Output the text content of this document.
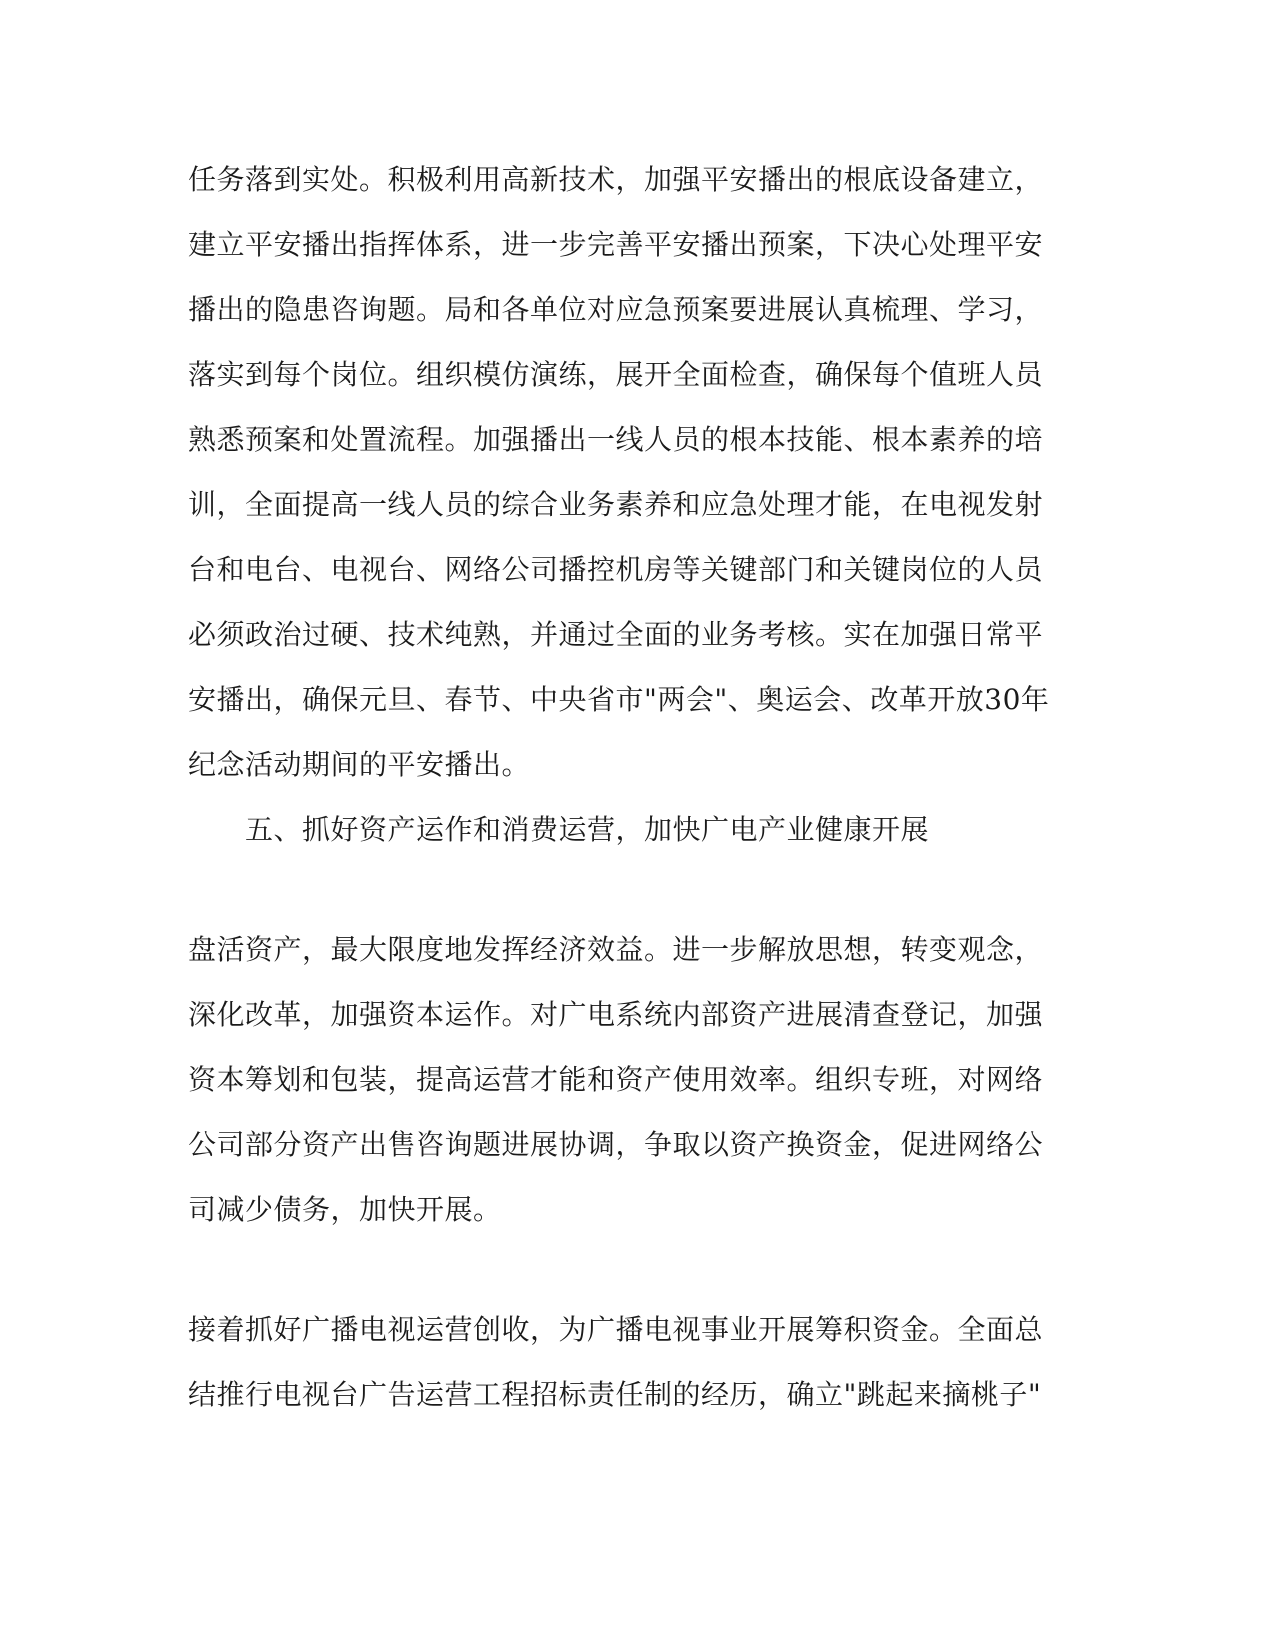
任务落到实处。积极利用高新技术，加强平安播出的根底设备建立，
建立平安播出指挥体系，进一步完善平安播出预案，下决心处理平安
播出的隐患咨询题。局和各单位对应急预案要进展认真梳理、学习，
落实到每个岗位。组织模仿演练，展开全面检查，确保每个值班人员
熟悉预案和处置流程。加强播出一线人员的根本技能、根本素养的培
训，全面提高一线人员的综合业务素养和应急处理才能，在电视发射
台和电台、电视台、网络公司播控机房等关键部门和关键岗位的人员
必须政治过硬、技术纯熟，并通过全面的业务考核。实在加强日常平
安播出，确保元旦、春节、中央省市"两会"、奥运会、改革开放30年
纪念活动期间的平安播出。
五、抓好资产运作和消费运营，加快广电产业健康开展
盘活资产，最大限度地发挥经济效益。进一步解放思想，转变观念，
深化改革，加强资本运作。对广电系统内部资产进展清查登记，加强
资本筹划和包装，提高运营才能和资产使用效率。组织专班，对网络
公司部分资产出售咨询题进展协调，争取以资产换资金，促进网络公
司减少债务，加快开展。
接着抓好广播电视运营创收，为广播电视事业开展筹积资金。全面总
结推行电视台广告运营工程招标责任制的经历，确立"跳起来摘桃子"
